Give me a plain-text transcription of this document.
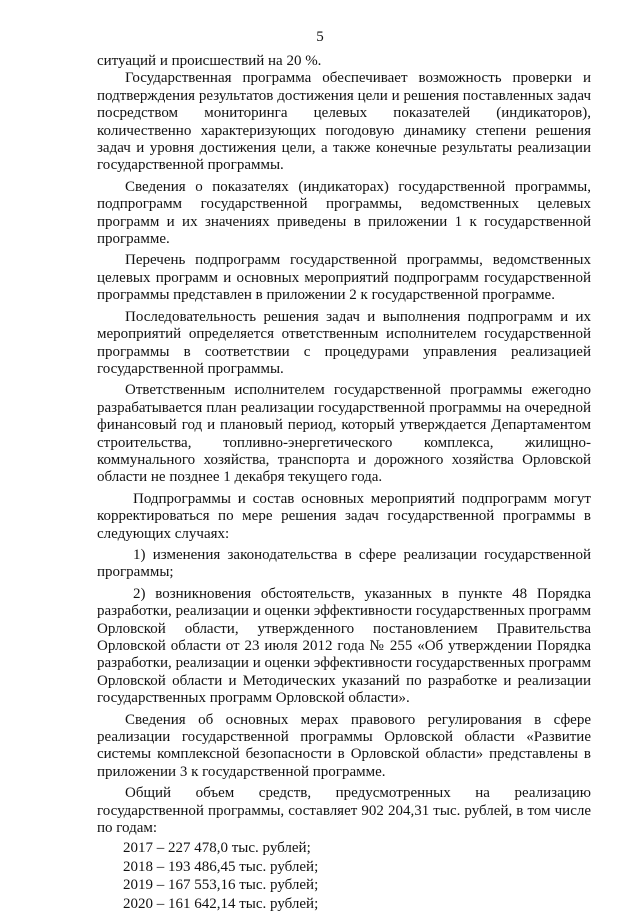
5

ситуаций и происшествий на 20 %.

Государственная программа обеспечивает возможность проверки и подтверждения результатов достижения цели и решения поставленных задач посредством мониторинга целевых показателей (индикаторов), количественно характеризующих погодовую динамику степени решения задач и уровня достижения цели, а также конечные результаты реализации государственной программы.

Сведения о показателях (индикаторах) государственной программы, подпрограмм государственной программы, ведомственных целевых программ и их значениях приведены в приложении 1 к государственной программе.

Перечень подпрограмм государственной программы, ведомственных целевых программ и основных мероприятий подпрограмм государственной программы представлен в приложении 2 к государственной программе.

Последовательность решения задач и выполнения подпрограмм и их мероприятий определяется ответственным исполнителем государственной программы в соответствии с процедурами управления реализацией государственной программы.

Ответственным исполнителем государственной программы ежегодно разрабатывается план реализации государственной программы на очередной финансовый год и плановый период, который утверждается Департаментом строительства, топливно-энергетического комплекса, жилищно-коммунального хозяйства, транспорта и дорожного хозяйства Орловской области не позднее 1 декабря текущего года.

Подпрограммы и состав основных мероприятий подпрограмм могут корректироваться по мере решения задач государственной программы в следующих случаях:

1) изменения законодательства в сфере реализации государственной программы;

2) возникновения обстоятельств, указанных в пункте 48 Порядка разработки, реализации и оценки эффективности государственных программ Орловской области, утвержденного постановлением Правительства Орловской области от 23 июля 2012 года № 255 «Об утверждении Порядка разработки, реализации и оценки эффективности государственных программ Орловской области и Методических указаний по разработке и реализации государственных программ Орловской области».

Сведения об основных мерах правового регулирования в сфере реализации государственной программы Орловской области «Развитие системы комплексной безопасности в Орловской области» представлены в приложении 3 к государственной программе.

Общий объем средств, предусмотренных на реализацию государственной программы, составляет 902 204,31 тыс. рублей, в том числе по годам:

2017 – 227 478,0 тыс. рублей;
2018 – 193 486,45 тыс. рублей;
2019 – 167 553,16 тыс. рублей;
2020 – 161 642,14 тыс. рублей;
